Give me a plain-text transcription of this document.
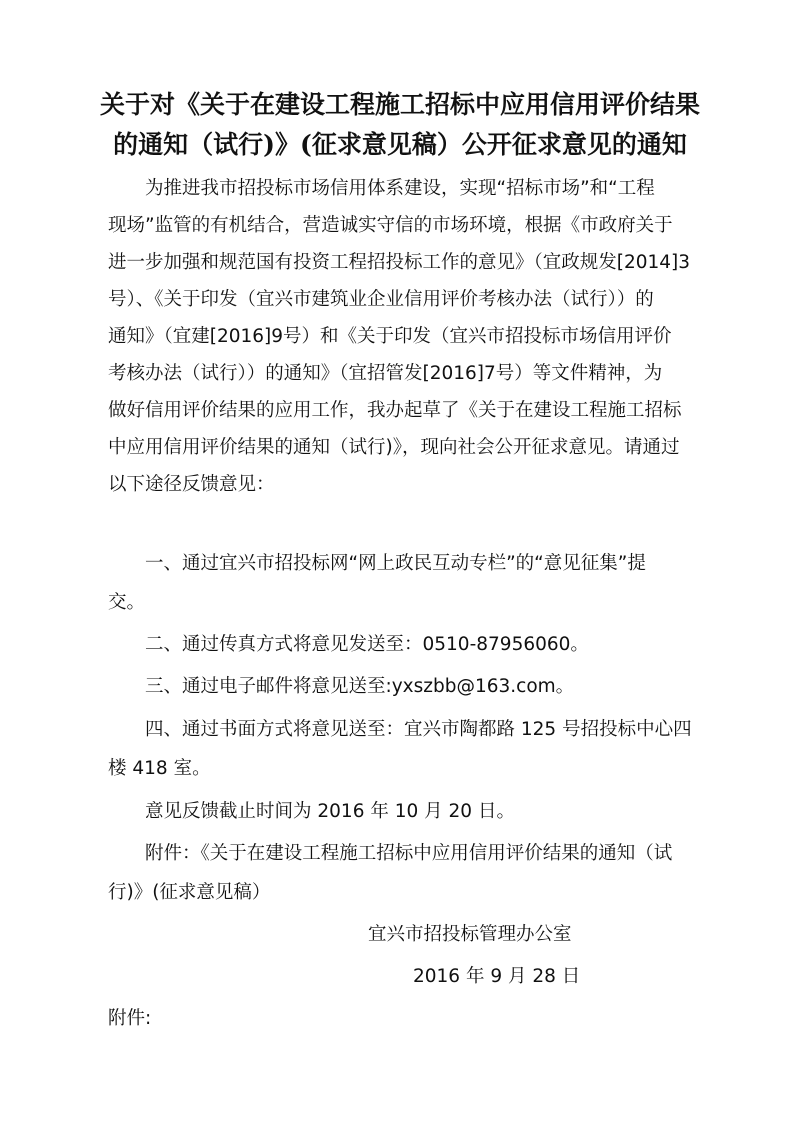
关于对《关于在建设工程施工招标中应用信用评价结果
的通知（试行)》(征求意见稿）公开征求意见的通知
为推进我市招投标市场信用体系建设，实现“招标市场”和“工程
现场”监管的有机结合，营造诚实守信的市场环境，根据《市政府关于
进一步加强和规范国有投资工程招投标工作的意见》（宜政规发[2014]3
号）、《关于印发（宜兴市建筑业企业信用评价考核办法（试行））的
通知》（宜建[2016]9号）和《关于印发（宜兴市招投标市场信用评价
考核办法（试行））的通知》（宜招管发[2016]7号）等文件精神，为
做好信用评价结果的应用工作，我办起草了《关于在建设工程施工招标
中应用信用评价结果的通知（试行)》，现向社会公开征求意见。请通过
以下途径反馈意见：
一、通过宜兴市招投标网“网上政民互动专栏”的“意见征集”提
交。
二、通过传真方式将意见发送至：0510-87956060。
三、通过电子邮件将意见送至:yxszbb@163.com。
四、通过书面方式将意见送至：宜兴市陶都路 125 号招投标中心四
楼 418 室。
意见反馈截止时间为 2016 年 10 月 20 日。
附件：《关于在建设工程施工招标中应用信用评价结果的通知（试
行)》(征求意见稿）
宜兴市招投标管理办公室
2016 年 9 月 28 日
附件:
